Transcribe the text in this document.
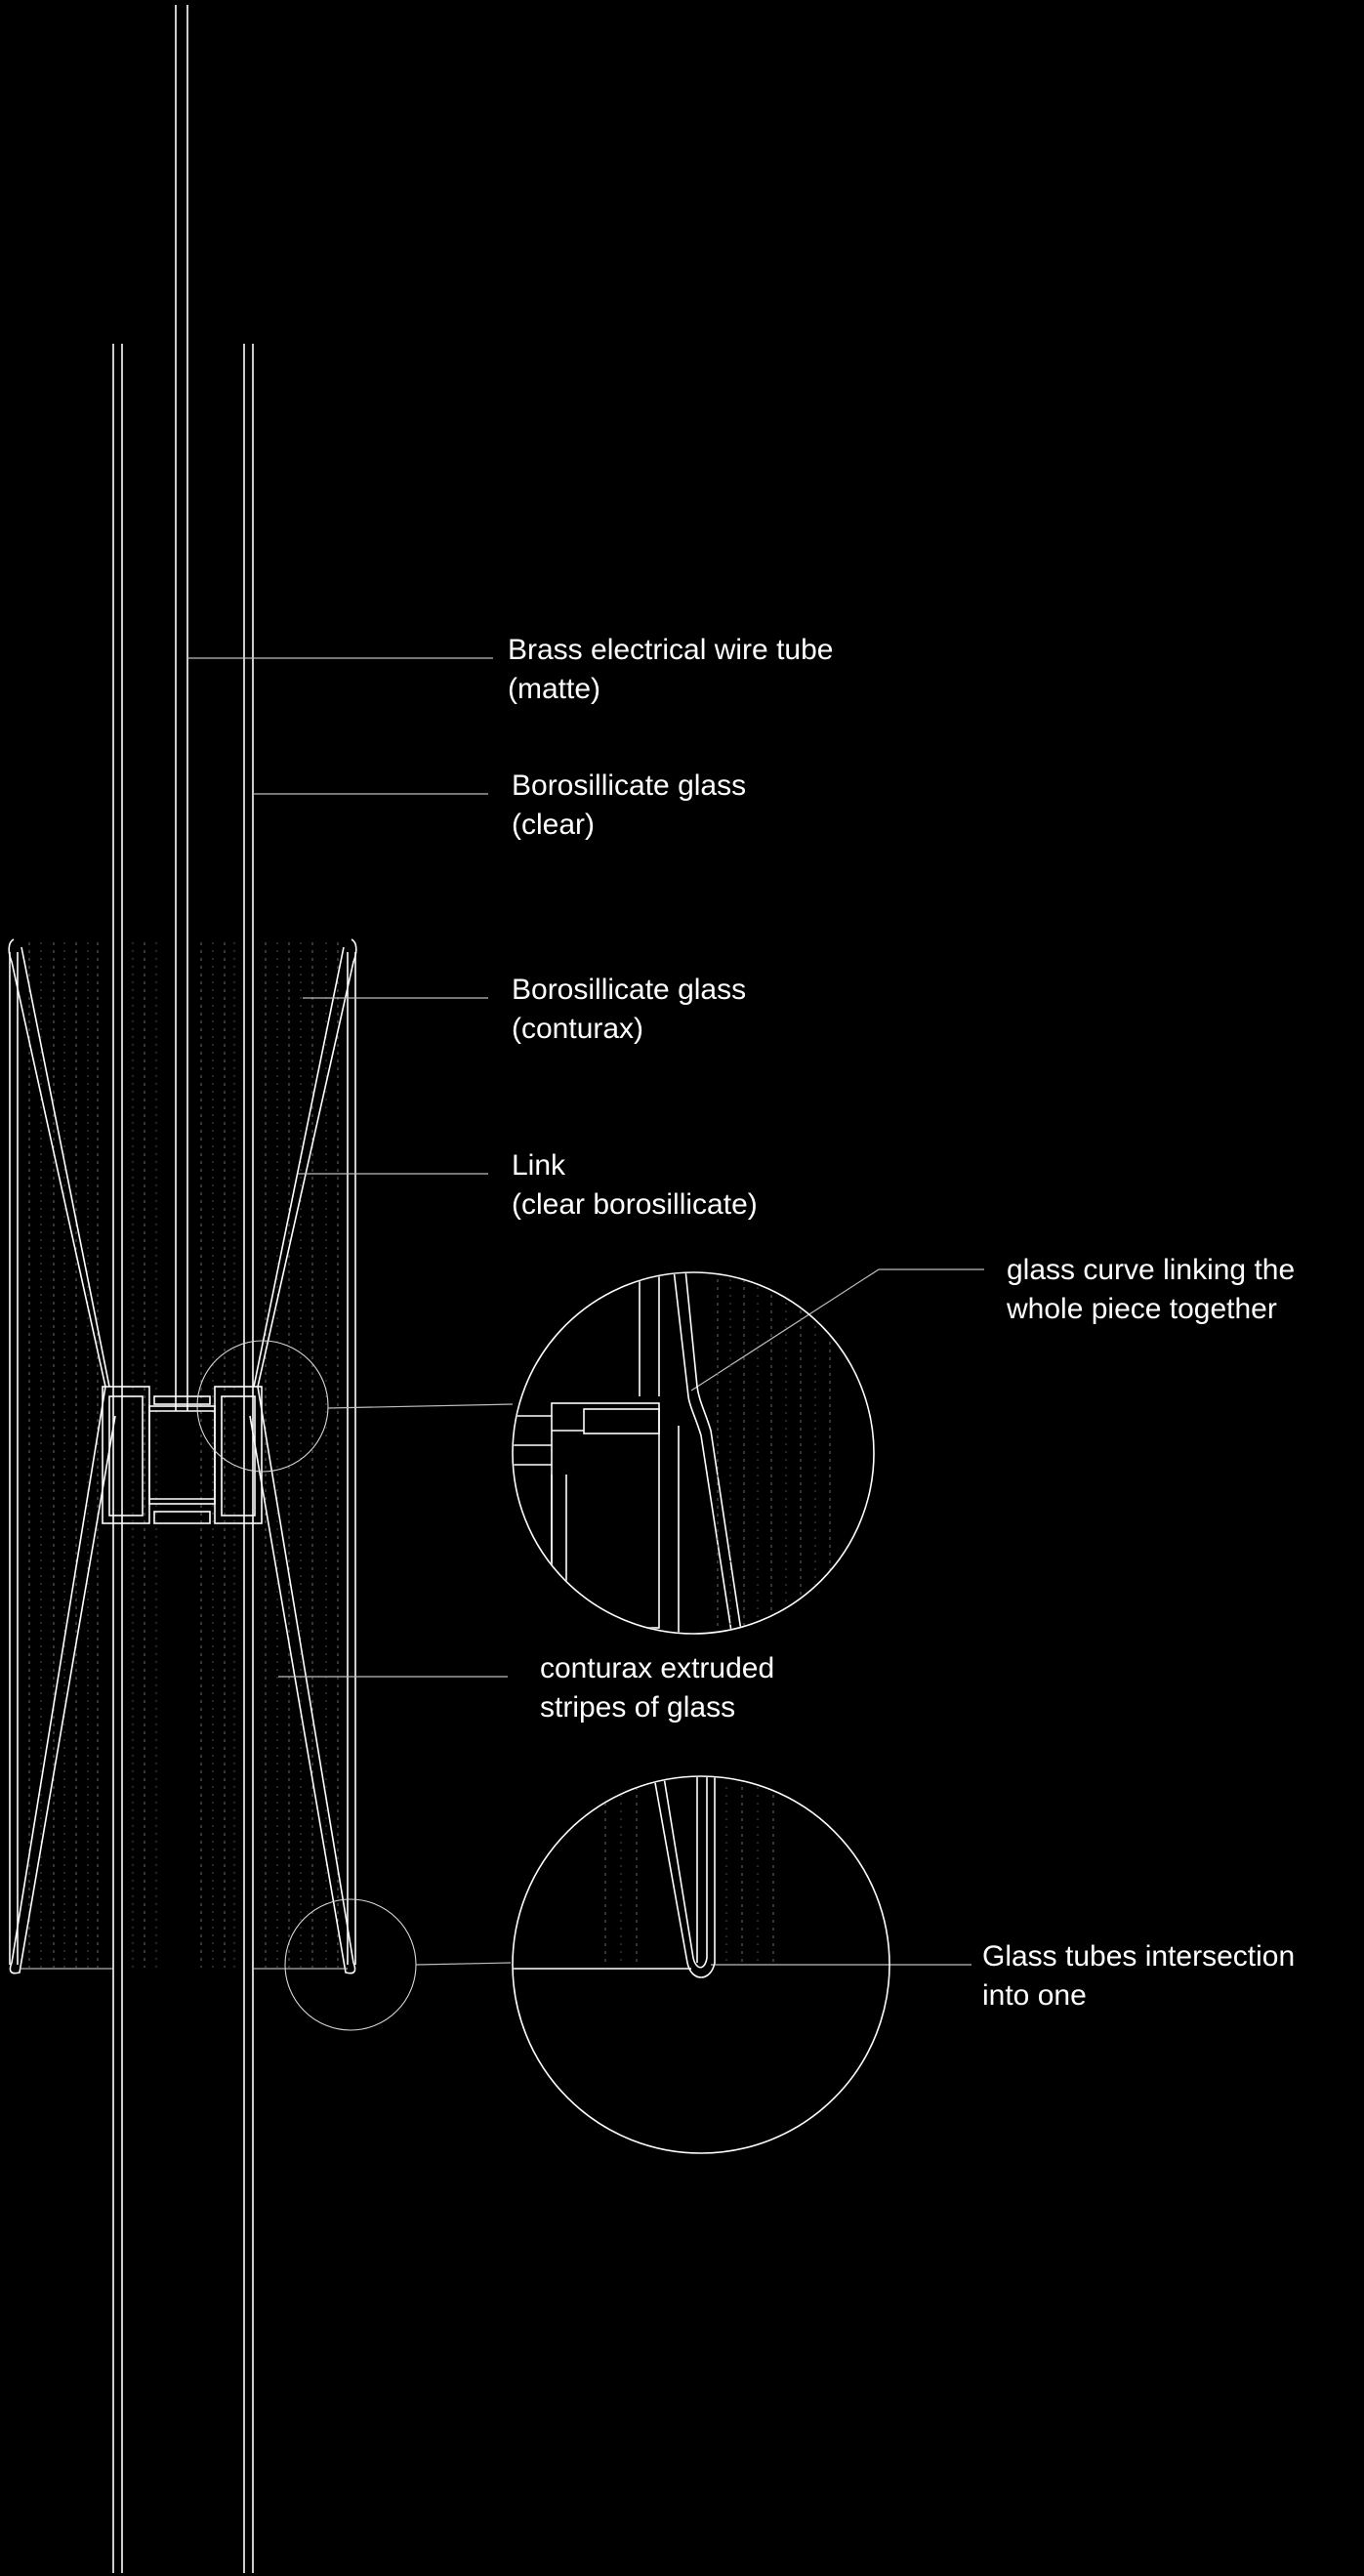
Brass electrical wire tube
(matte)
Borosillicate glass
(clear)
Borosillicate glass
(conturax)
Link
(clear borosillicate)
glass curve linking the
whole piece together
conturax extruded
stripes of glass
Glass tubes intersection
into one
